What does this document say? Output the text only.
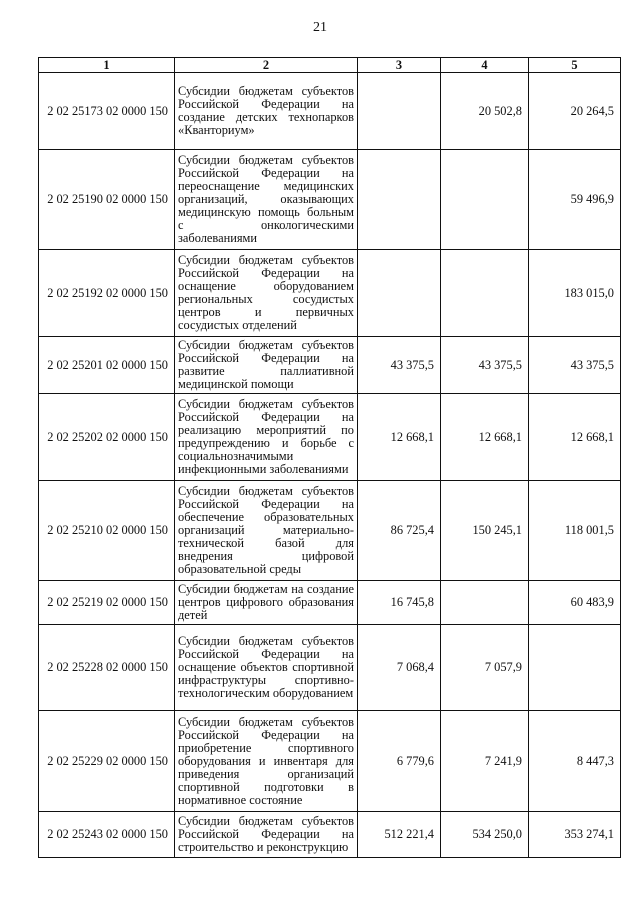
21
1	2	3	4	5
2 02 25173 02 0000 150	Субсидии бюджетам субъектов Российской Федерации на создание детских технопарков «Кванториум»		20 502,8	20 264,5
2 02 25190 02 0000 150	Субсидии бюджетам субъектов Российской Федерации на переоснащение медицинских организаций, оказывающих медицинскую помощь больным с онкологическими заболеваниями			59 496,9
2 02 25192 02 0000 150	Субсидии бюджетам субъектов Российской Федерации на оснащение оборудованием региональных сосудистых центров и первичных сосудистых отделений			183 015,0
2 02 25201 02 0000 150	Субсидии бюджетам субъектов Российской Федерации на развитие паллиативной медицинской помощи	43 375,5	43 375,5	43 375,5
2 02 25202 02 0000 150	Субсидии бюджетам субъектов Российской Федерации на реализацию мероприятий по предупреждению и борьбе с социальнозначимыми инфекционными заболеваниями	12 668,1	12 668,1	12 668,1
2 02 25210 02 0000 150	Субсидии бюджетам субъектов Российской Федерации на обеспечение образовательных организаций материально-технической базой для внедрения цифровой образовательной среды	86 725,4	150 245,1	118 001,5
2 02 25219 02 0000 150	Субсидии бюджетам на создание центров цифрового образования детей	16 745,8		60 483,9
2 02 25228 02 0000 150	Субсидии бюджетам субъектов Российской Федерации на оснащение объектов спортивной инфраструктуры спортивно-технологическим оборудованием	7 068,4	7 057,9	
2 02 25229 02 0000 150	Субсидии бюджетам субъектов Российской Федерации на приобретение спортивного оборудования и инвентаря для приведения организаций спортивной подготовки в нормативное состояние	6 779,6	7 241,9	8 447,3
2 02 25243 02 0000 150	Субсидии бюджетам субъектов Российской Федерации на строительство и реконструкцию	512 221,4	534 250,0	353 274,1
